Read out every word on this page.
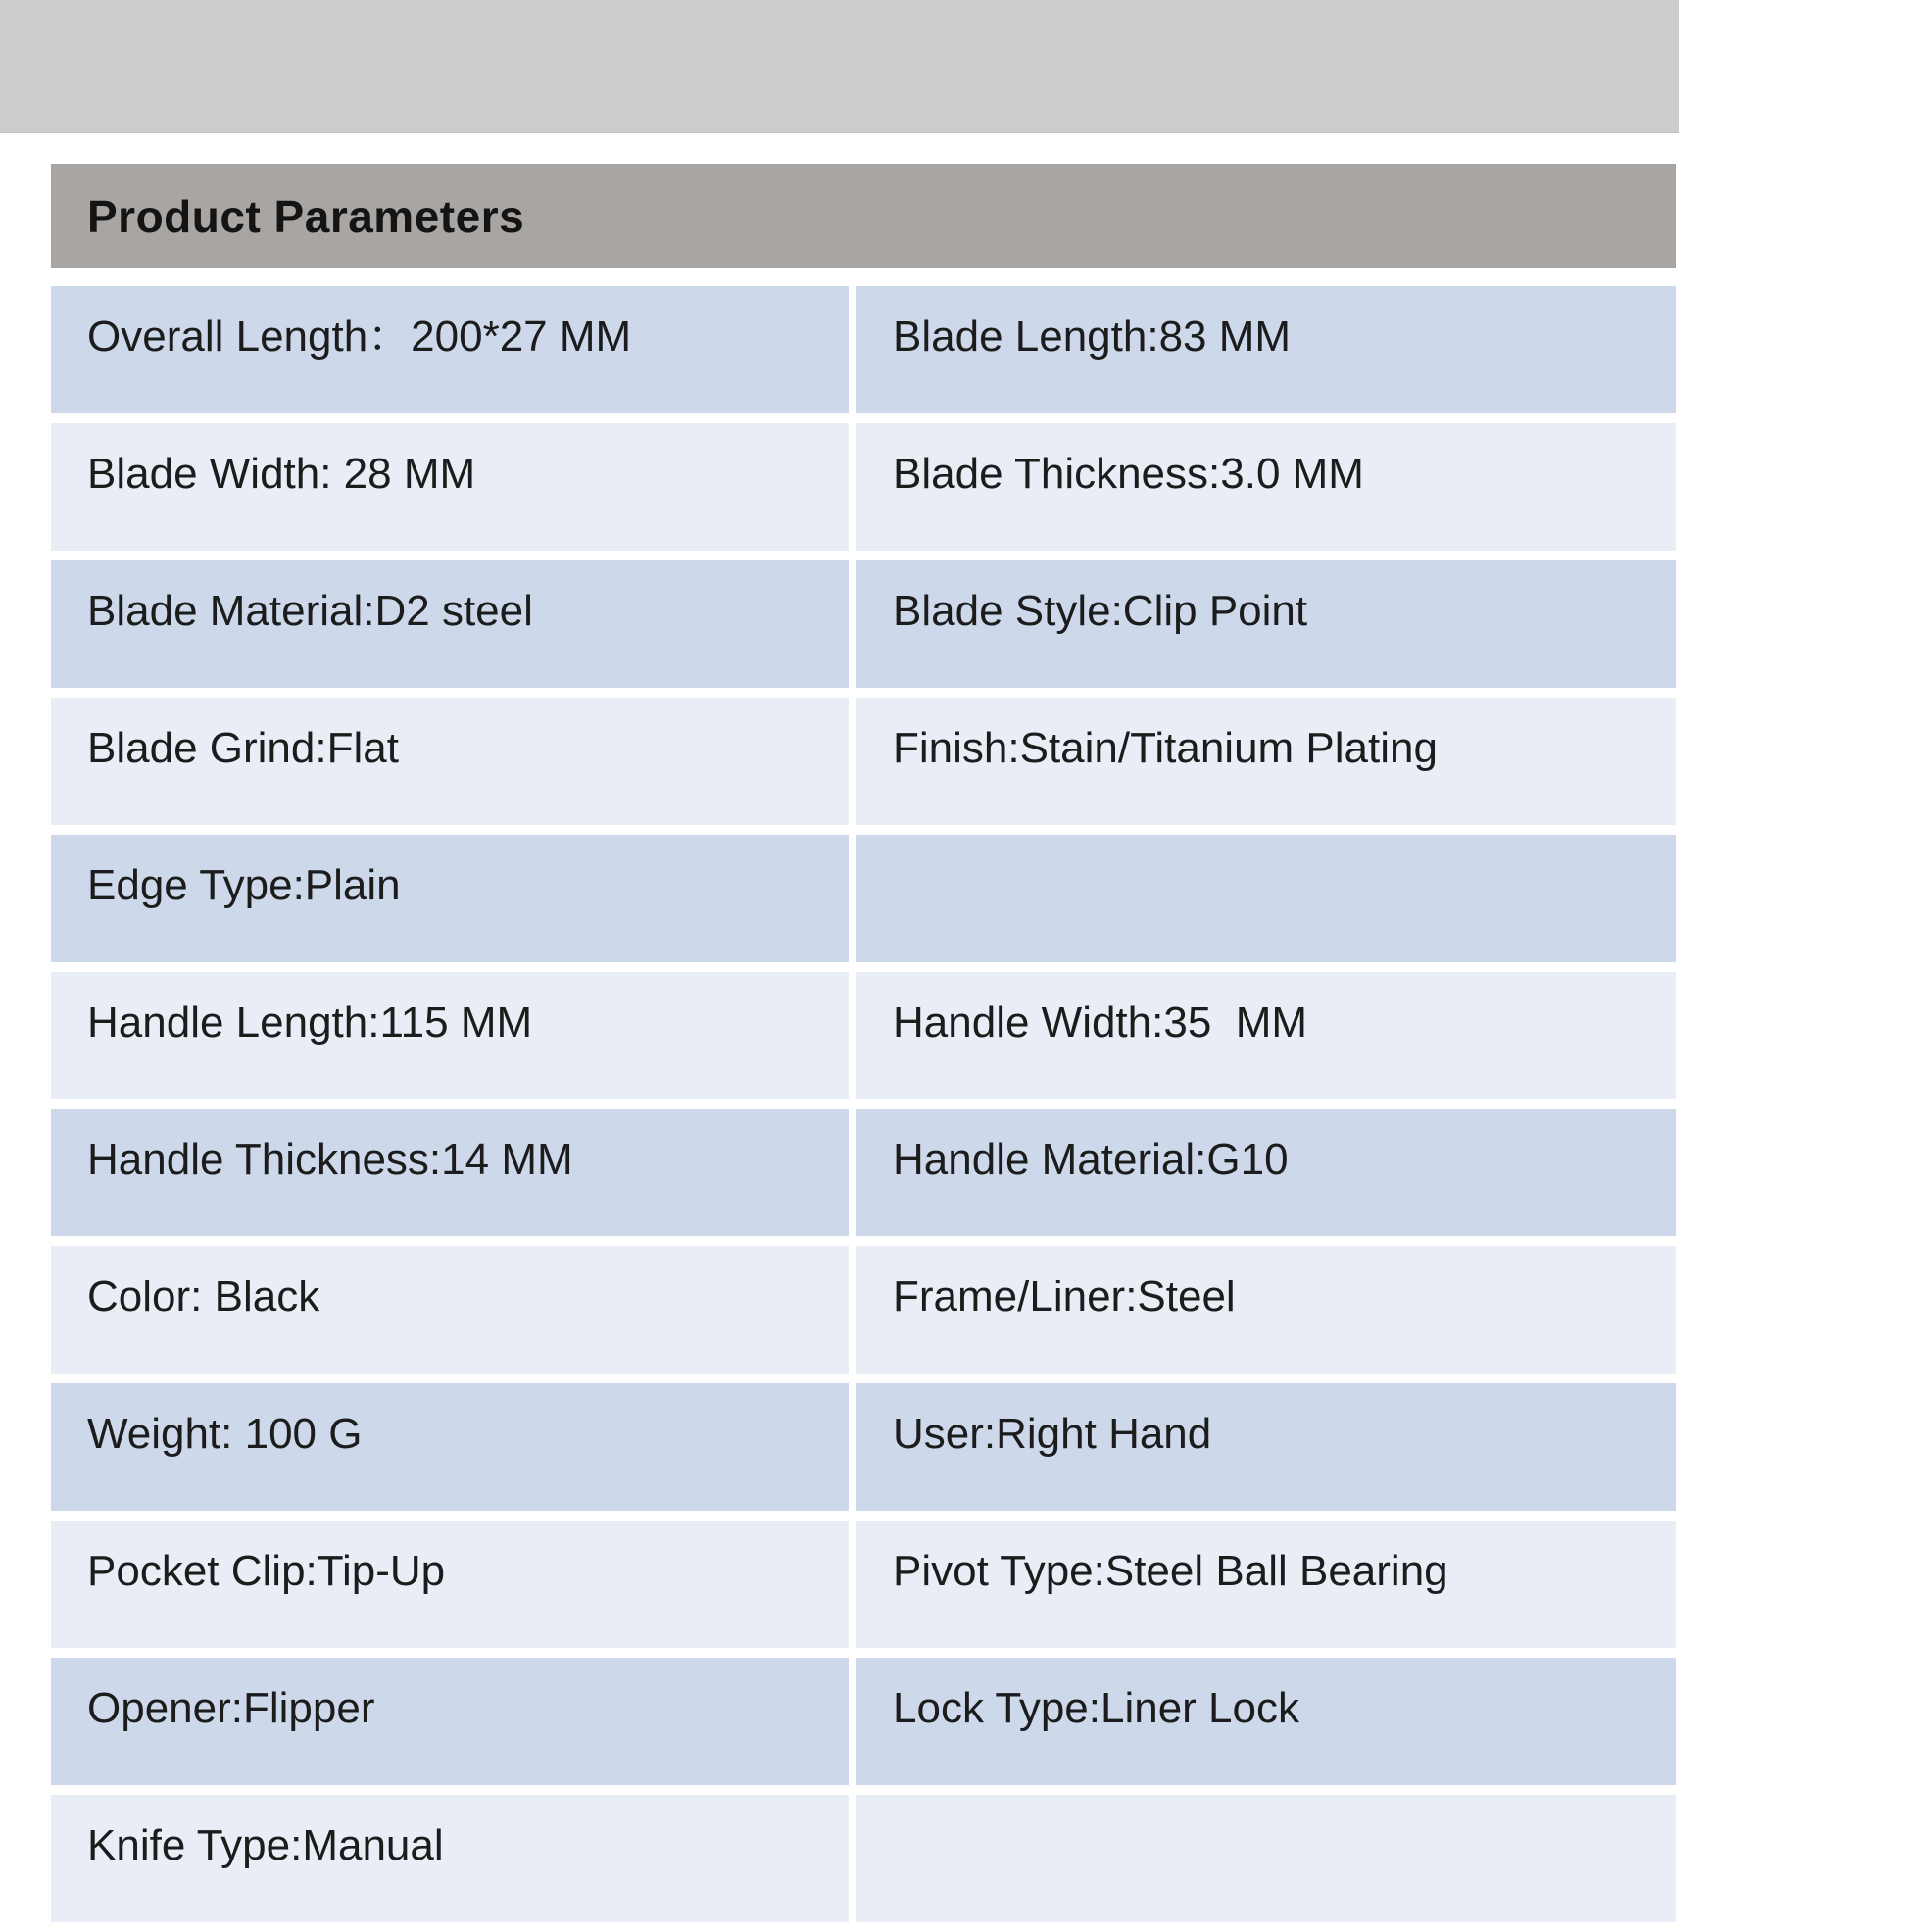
Product Parameters
Overall Length：200*27 MM	Blade Length:83 MM
Blade Width: 28 MM	Blade Thickness:3.0 MM
Blade Material:D2 steel	Blade Style:Clip Point
Blade Grind:Flat	Finish:Stain/Titanium Plating
Edge Type:Plain
Handle Length:115 MM	Handle Width:35  MM
Handle Thickness:14 MM	Handle Material:G10
Color: Black	Frame/Liner:Steel
Weight: 100 G	User:Right Hand
Pocket Clip:Tip-Up	Pivot Type:Steel Ball Bearing
Opener:Flipper	Lock Type:Liner Lock
Knife Type:Manual
